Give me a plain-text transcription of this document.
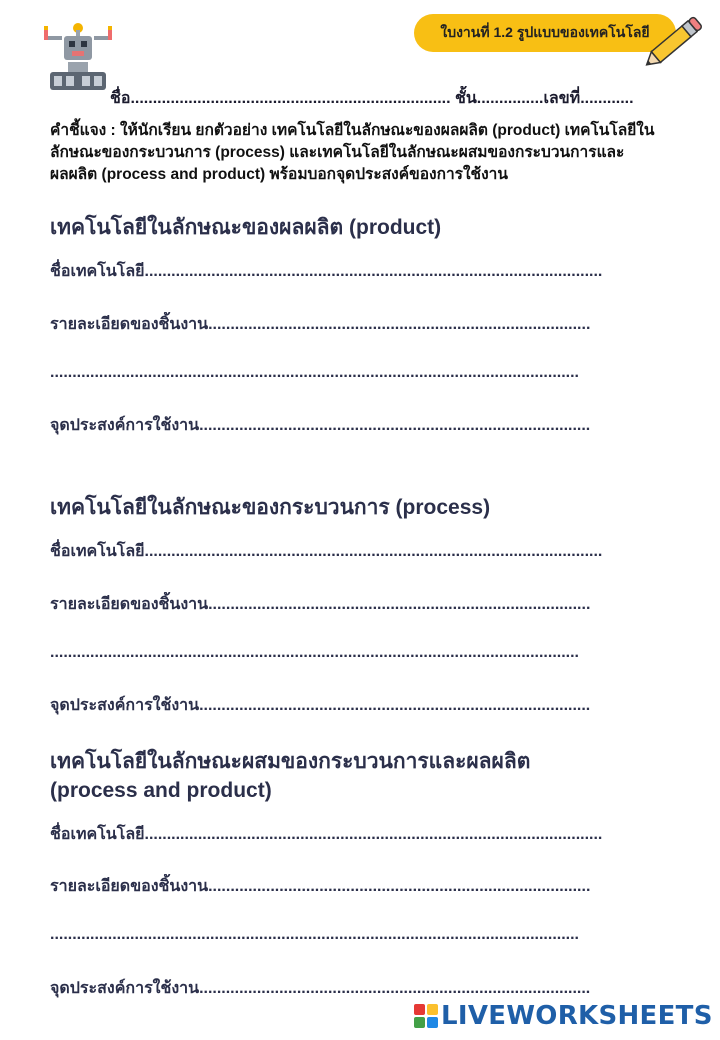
ใบงานที่ 1.2 รูปแบบของเทคโนโลยี
ชื่อ........................................................................ ชั้น...............เลขที่............
คำชี้แจง : ให้นักเรียน ยกตัวอย่าง เทคโนโลยีในลักษณะของผลผลิต (product) เทคโนโลยีในลักษณะของกระบวนการ (process) และเทคโนโลยีในลักษณะผสมของกระบวนการและผลผลิต (process and product) พร้อมบอกจุดประสงค์ของการใช้งาน
เทคโนโลยีในลักษณะของผลผลิต (product)
ชื่อเทคโนโลยี.......................................................................................................
รายละเอียดของชิ้นงาน......................................................................................
.......................................................................................................................
จุดประสงค์การใช้งาน........................................................................................
เทคโนโลยีในลักษณะของกระบวนการ (process)
ชื่อเทคโนโลยี.......................................................................................................
รายละเอียดของชิ้นงาน......................................................................................
.......................................................................................................................
จุดประสงค์การใช้งาน........................................................................................
เทคโนโลยีในลักษณะผสมของกระบวนการและผลผลิต
(process and product)
ชื่อเทคโนโลยี.......................................................................................................
รายละเอียดของชิ้นงาน......................................................................................
.......................................................................................................................
จุดประสงค์การใช้งาน........................................................................................
LIVEWORKSHEETS
